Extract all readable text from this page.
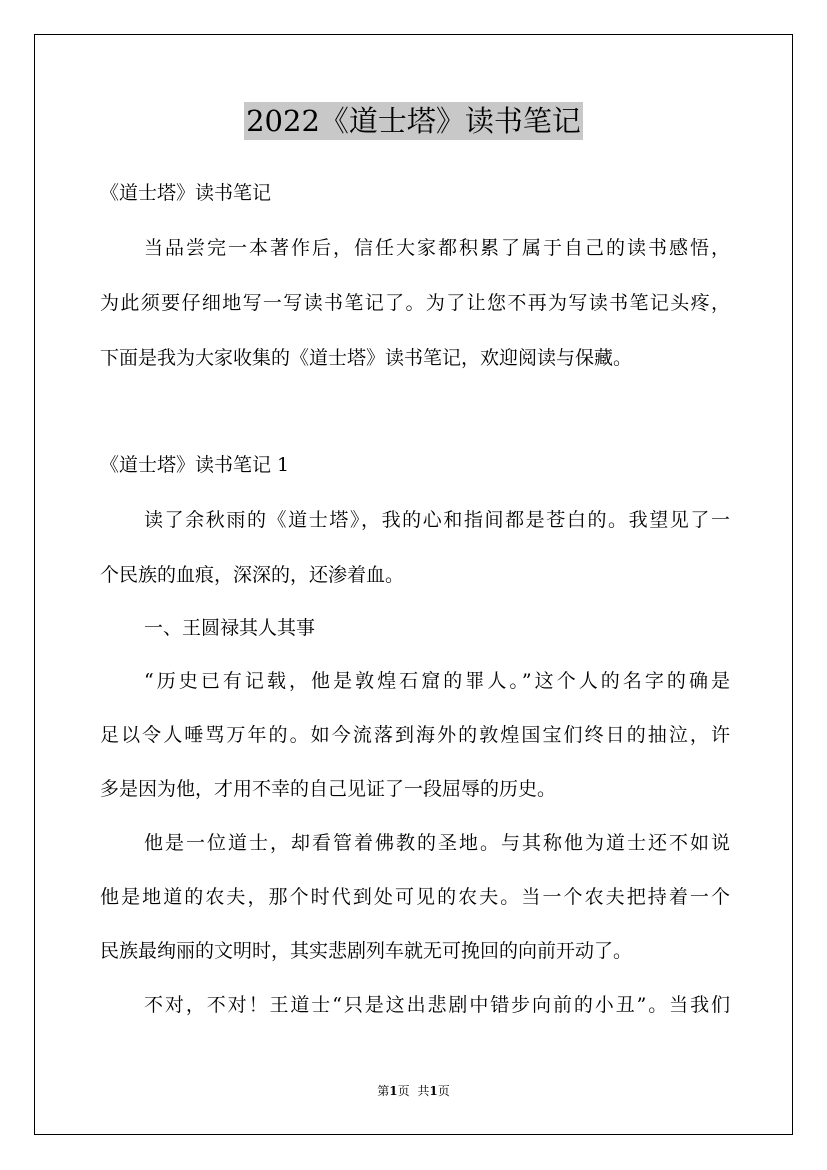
2022《道士塔》读书笔记
《道士塔》读书笔记
当品尝完一本著作后，信任大家都积累了属于自己的读书感悟，
为此须要仔细地写一写读书笔记了。为了让您不再为写读书笔记头疼，
下面是我为大家收集的《道士塔》读书笔记，欢迎阅读与保藏。
《道士塔》读书笔记 1
读了余秋雨的《道士塔》，我的心和指间都是苍白的。我望见了一
个民族的血痕，深深的，还渗着血。
一、王圆禄其人其事
“历史已有记载，他是敦煌石窟的罪人。”这个人的名字的确是
足以令人唾骂万年的。如今流落到海外的敦煌国宝们终日的抽泣，许
多是因为他，才用不幸的自己见证了一段屈辱的历史。
他是一位道士，却看管着佛教的圣地。与其称他为道士还不如说
他是地道的农夫，那个时代到处可见的农夫。当一个农夫把持着一个
民族最绚丽的文明时，其实悲剧列车就无可挽回的向前开动了。
不对，不对！王道士“只是这出悲剧中错步向前的小丑”。当我们
第1页 共1页
